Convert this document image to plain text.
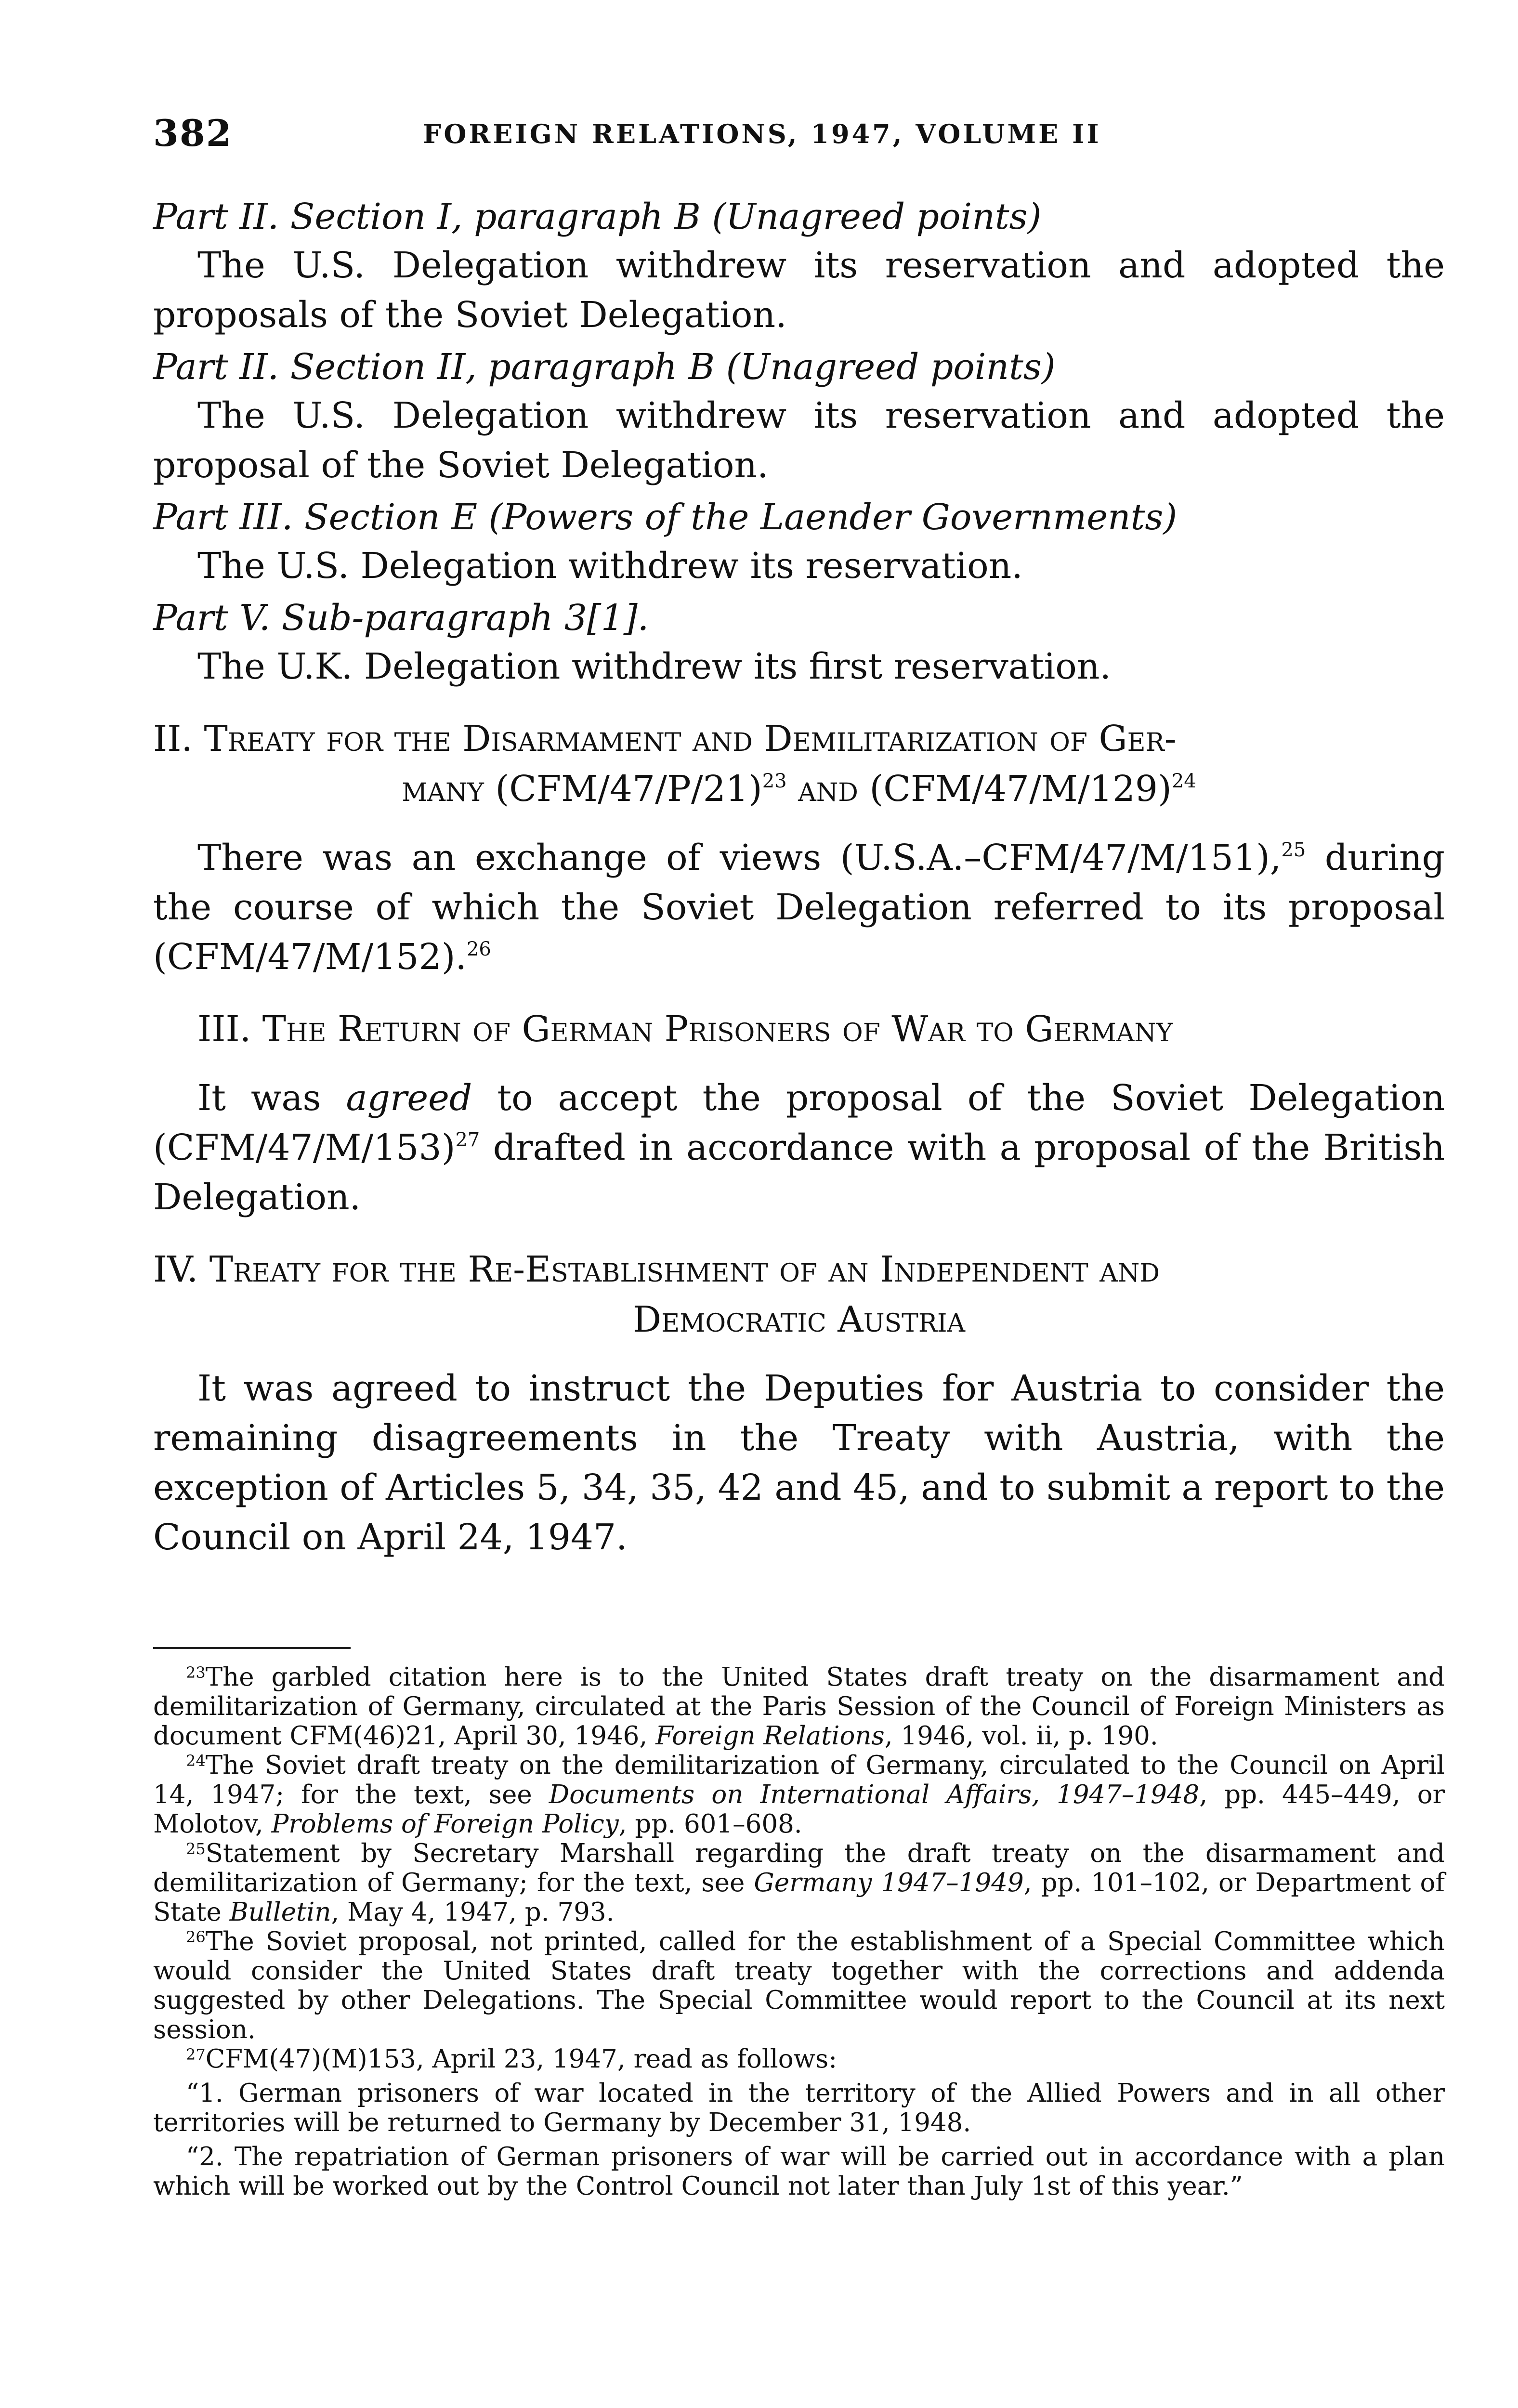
382	FOREIGN RELATIONS, 1947, VOLUME II

Part II. Section I, paragraph B (Unagreed points)

The U.S. Delegation withdrew its reservation and adopted the proposals of the Soviet Delegation.

Part II. Section II, paragraph B (Unagreed points)

The U.S. Delegation withdrew its reservation and adopted the proposal of the Soviet Delegation.

Part III. Section E (Powers of the Laender Governments)

The U.S. Delegation withdrew its reservation.

Part V. Sub-paragraph 3[1].

The U.K. Delegation withdrew its first reservation.

II. Treaty for the Disarmament and Demilitarization of Ger-
many $(CFM/47/P/21)^{23}$ and $(CFM/47/M/129)^{24}$

There was an exchange of views (U.S.A.–CFM/47/M/151),$^{25}$ during the course of which the Soviet Delegation referred to its proposal (CFM/47/M/152).$^{26}$

III. The Return of German Prisoners of War to Germany

It was agreed to accept the proposal of the Soviet Delegation $(CFM/47/M/153)^{27}$ drafted in accordance with a proposal of the British Delegation.

IV. Treaty for the Re-Establishment of an Independent and
Democratic Austria

It was agreed to instruct the Deputies for Austria to consider the remaining disagreements in the Treaty with Austria, with the exception of Articles 5, 34, 35, 42 and 45, and to submit a report to the Council on April 24, 1947.

$^{23}$The garbled citation here is to the United States draft treaty on the disarmament and demilitarization of Germany, circulated at the Paris Session of the Council of Foreign Ministers as document CFM(46)21, April 30, 1946, Foreign Relations, 1946, vol. ii, p. 190.

$^{24}$The Soviet draft treaty on the demilitarization of Germany, circulated to the Council on April 14, 1947; for the text, see Documents on International Affairs, 1947–1948, pp. 445–449, or Molotov, Problems of Foreign Policy, pp. 601–608.

$^{25}$Statement by Secretary Marshall regarding the draft treaty on the disarmament and demilitarization of Germany; for the text, see Germany 1947–1949, pp. 101–102, or Department of State Bulletin, May 4, 1947, p. 793.

$^{26}$The Soviet proposal, not printed, called for the establishment of a Special Committee which would consider the United States draft treaty together with the corrections and addenda suggested by other Delegations. The Special Committee would report to the Council at its next session.

$^{27}$CFM(47)(M)153, April 23, 1947, read as follows:

“1. German prisoners of war located in the territory of the Allied Powers and in all other territories will be returned to Germany by December 31, 1948.

“2. The repatriation of German prisoners of war will be carried out in accordance with a plan which will be worked out by the Control Council not later than July 1st of this year.”
